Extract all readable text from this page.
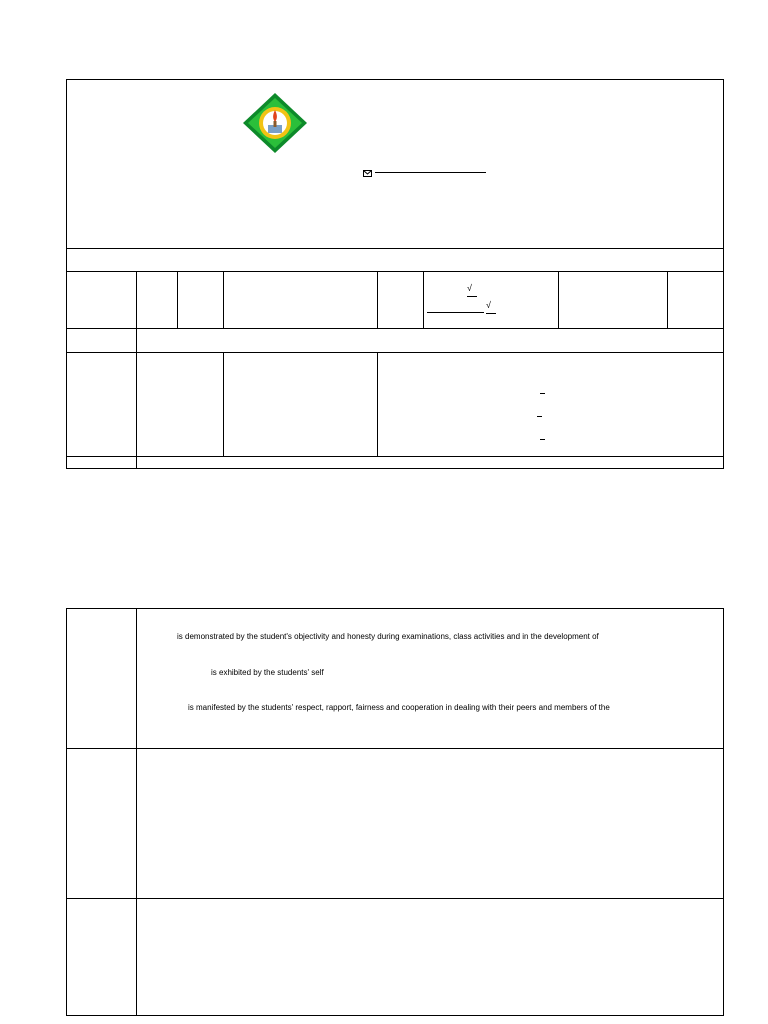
√
√
is demonstrated by the student's objectivity and honesty during examinations, class activities and in the development of
is exhibited by the students' self
is manifested by the students' respect, rapport, fairness and cooperation in dealing with their peers and members of the
